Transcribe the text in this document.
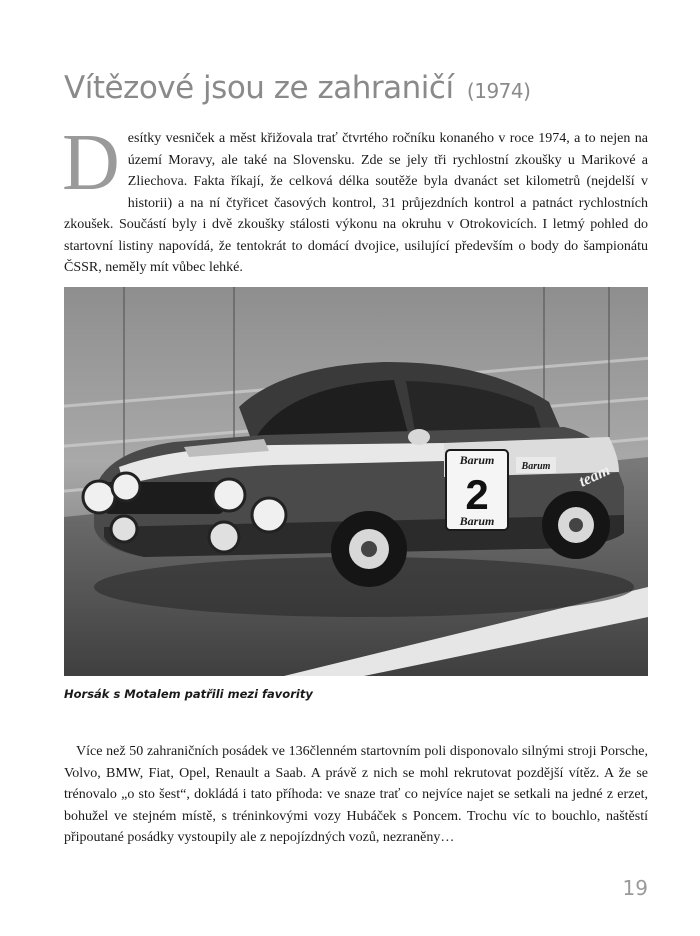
Vítězové jsou ze zahraničí (1974)

Desítky vesniček a měst křižovala trať čtvrtého ročníku konaného v roce 1974, a to nejen na území Moravy, ale také na Slovensku. Zde se jely tři rychlostní zkoušky u Marikové a Zliechova. Fakta říkají, že celková délka soutěže byla dvanáct set kilometrů (nejdelší v historii) a na ní čtyřicet časových kontrol, 31 průjezdních kontrol a patnáct rychlostních zkoušek. Součástí byly i dvě zkoušky stálosti výkonu na okruhu v Otrokovicích. I letmý pohled do startovní listiny napovídá, že tentokrát to domácí dvojice, usilující především o body do šampionátu ČSSR, neměly mít vůbec lehké.

Barum
2
Barum
Barum team

Horsák s Motalem patřili mezi favority

Více než 50 zahraničních posádek ve 136členném startovním poli disponovalo silnými stroji Porsche, Volvo, BMW, Fiat, Opel, Renault a Saab. A právě z nich se mohl rekrutovat pozdější vítěz. A že se trénovalo „o sto šest“, dokládá i tato příhoda: ve snaze trať co nejvíce najet se setkali na jedné z erzet, bohužel ve stejném místě, s tréninkovými vozy Hubáček s Poncem. Trochu víc to bouchlo, naštěstí připoutané posádky vystoupily ale z nepojízdných vozů, nezraněny…

19
